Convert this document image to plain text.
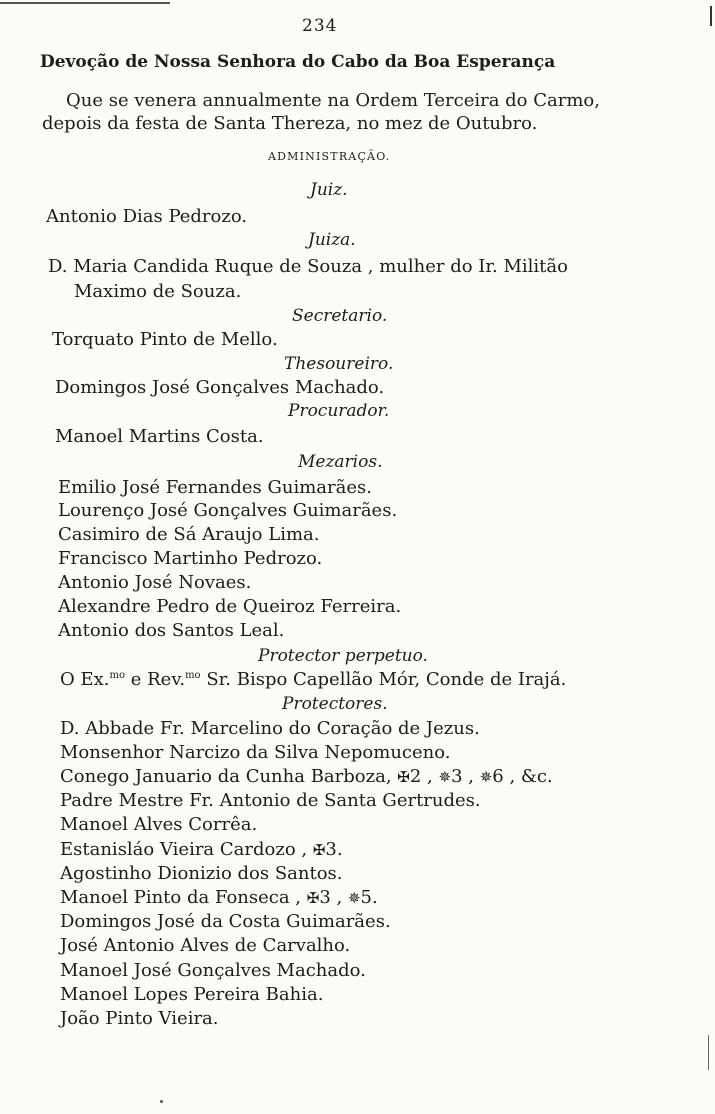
234
Devoção de Nossa Senhora do Cabo da Boa Esperança
Que se venera annualmente na Ordem Terceira do Carmo,
depois da festa de Santa Thereza, no mez de Outubro.
ADMINISTRAÇÃO.
Juiz.
Antonio Dias Pedrozo.
Juiza.
D. Maria Candida Ruque de Souza , mulher do Ir. Militão
Maximo de Souza.
Secretario.
Torquato Pinto de Mello.
Thesoureiro.
Domingos José Gonçalves Machado.
Procurador.
Manoel Martins Costa.
Mezarios.
Emilio José Fernandes Guimarães.
Lourenço José Gonçalves Guimarães.
Casimiro de Sá Araujo Lima.
Francisco Martinho Pedrozo.
Antonio José Novaes.
Alexandre Pedro de Queiroz Ferreira.
Antonio dos Santos Leal.
Protector perpetuo.
O Ex.$^{mo}$ e Rev.$^{mo}$ Sr. Bispo Capellão Mór, Conde de Irajá.
Protectores.
D. Abbade Fr. Marcelino do Coração de Jezus.
Monsenhor Narcizo da Silva Nepomuceno.
Conego Januario da Cunha Barboza, ✠2 , ✵3 , ✵6 , &c.
Padre Mestre Fr. Antonio de Santa Gertrudes.
Manoel Alves Corrêa.
Estanisláo Vieira Cardozo , ✠3.
Agostinho Dionizio dos Santos.
Manoel Pinto da Fonseca , ✠3 , ✵5.
Domingos José da Costa Guimarães.
José Antonio Alves de Carvalho.
Manoel José Gonçalves Machado.
Manoel Lopes Pereira Bahia.
João Pinto Vieira.
